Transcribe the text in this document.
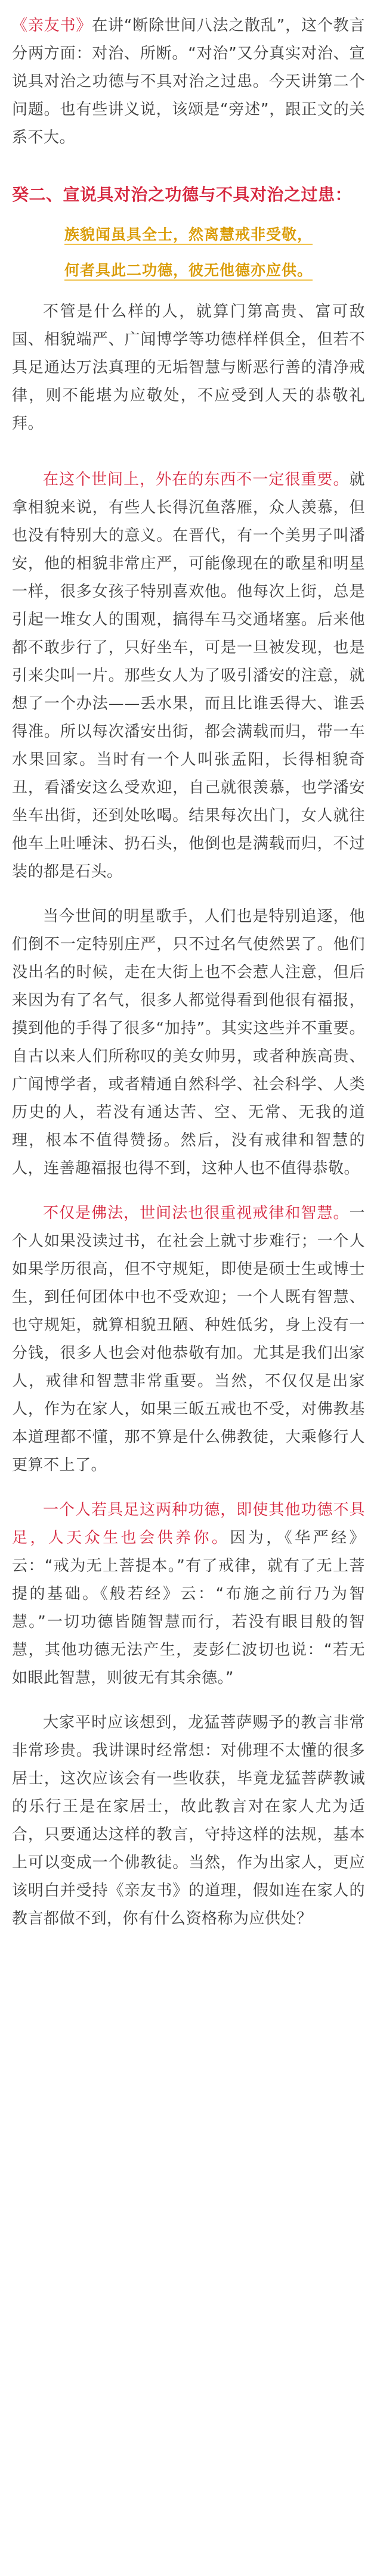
《亲友书》在讲“断除世间八法之散乱”，这个教言分两方面：对治、所断。“对治”又分真实对治、宣说具对治之功德与不具对治之过患。今天讲第二个问题。也有些讲义说，该颂是“旁述”，跟正文的关系不大。

癸二、宣说具对治之功德与不具对治之过患：

族貌闻虽具全士，然离慧戒非受敬，

何者具此二功德，彼无他德亦应供。

不管是什么样的人，就算门第高贵、富可敌国、相貌端严、广闻博学等功德样样俱全，但若不具足通达万法真理的无垢智慧与断恶行善的清净戒律，则不能堪为应敬处，不应受到人天的恭敬礼拜。

在这个世间上，外在的东西不一定很重要。就拿相貌来说，有些人长得沉鱼落雁，众人羡慕，但也没有特别大的意义。在晋代，有一个美男子叫潘安，他的相貌非常庄严，可能像现在的歌星和明星一样，很多女孩子特别喜欢他。他每次上街，总是引起一堆女人的围观，搞得车马交通堵塞。后来他都不敢步行了，只好坐车，可是一旦被发现，也是引来尖叫一片。那些女人为了吸引潘安的注意，就想了一个办法——丢水果，而且比谁丢得大、谁丢得准。所以每次潘安出街，都会满载而归，带一车水果回家。当时有一个人叫张孟阳，长得相貌奇丑，看潘安这么受欢迎，自己就很羡慕，也学潘安坐车出街，还到处吆喝。结果每次出门，女人就往他车上吐唾沫、扔石头，他倒也是满载而归，不过装的都是石头。

当今世间的明星歌手，人们也是特别追逐，他们倒不一定特别庄严，只不过名气使然罢了。他们没出名的时候，走在大街上也不会惹人注意，但后来因为有了名气，很多人都觉得看到他很有福报，摸到他的手得了很多“加持”。其实这些并不重要。自古以来人们所称叹的美女帅男，或者种族高贵、广闻博学者，或者精通自然科学、社会科学、人类历史的人，若没有通达苦、空、无常、无我的道理，根本不值得赞扬。然后，没有戒律和智慧的人，连善趣福报也得不到，这种人也不值得恭敬。

不仅是佛法，世间法也很重视戒律和智慧。一个人如果没读过书，在社会上就寸步难行；一个人如果学历很高，但不守规矩，即使是硕士生或博士生，到任何团体中也不受欢迎；一个人既有智慧、也守规矩，就算相貌丑陋、种姓低劣，身上没有一分钱，很多人也会对他恭敬有加。尤其是我们出家人，戒律和智慧非常重要。当然，不仅仅是出家人，作为在家人，如果三皈五戒也不受，对佛教基本道理都不懂，那不算是什么佛教徒，大乘修行人更算不上了。

一个人若具足这两种功德，即使其他功德不具足，人天众生也会供养你。因为，《华严经》云：“戒为无上菩提本。”有了戒律，就有了无上菩提的基础。《般若经》云：“布施之前行乃为智慧。”一切功德皆随智慧而行，若没有眼目般的智慧，其他功德无法产生，麦彭仁波切也说：“若无如眼此智慧，则彼无有其余德。”

大家平时应该想到，龙猛菩萨赐予的教言非常非常珍贵。我讲课时经常想：对佛理不太懂的很多居士，这次应该会有一些收获，毕竟龙猛菩萨教诫的乐行王是在家居士，故此教言对在家人尤为适合，只要通达这样的教言，守持这样的法规，基本上可以变成一个佛教徒。当然，作为出家人，更应该明白并受持《亲友书》的道理，假如连在家人的教言都做不到，你有什么资格称为应供处？
